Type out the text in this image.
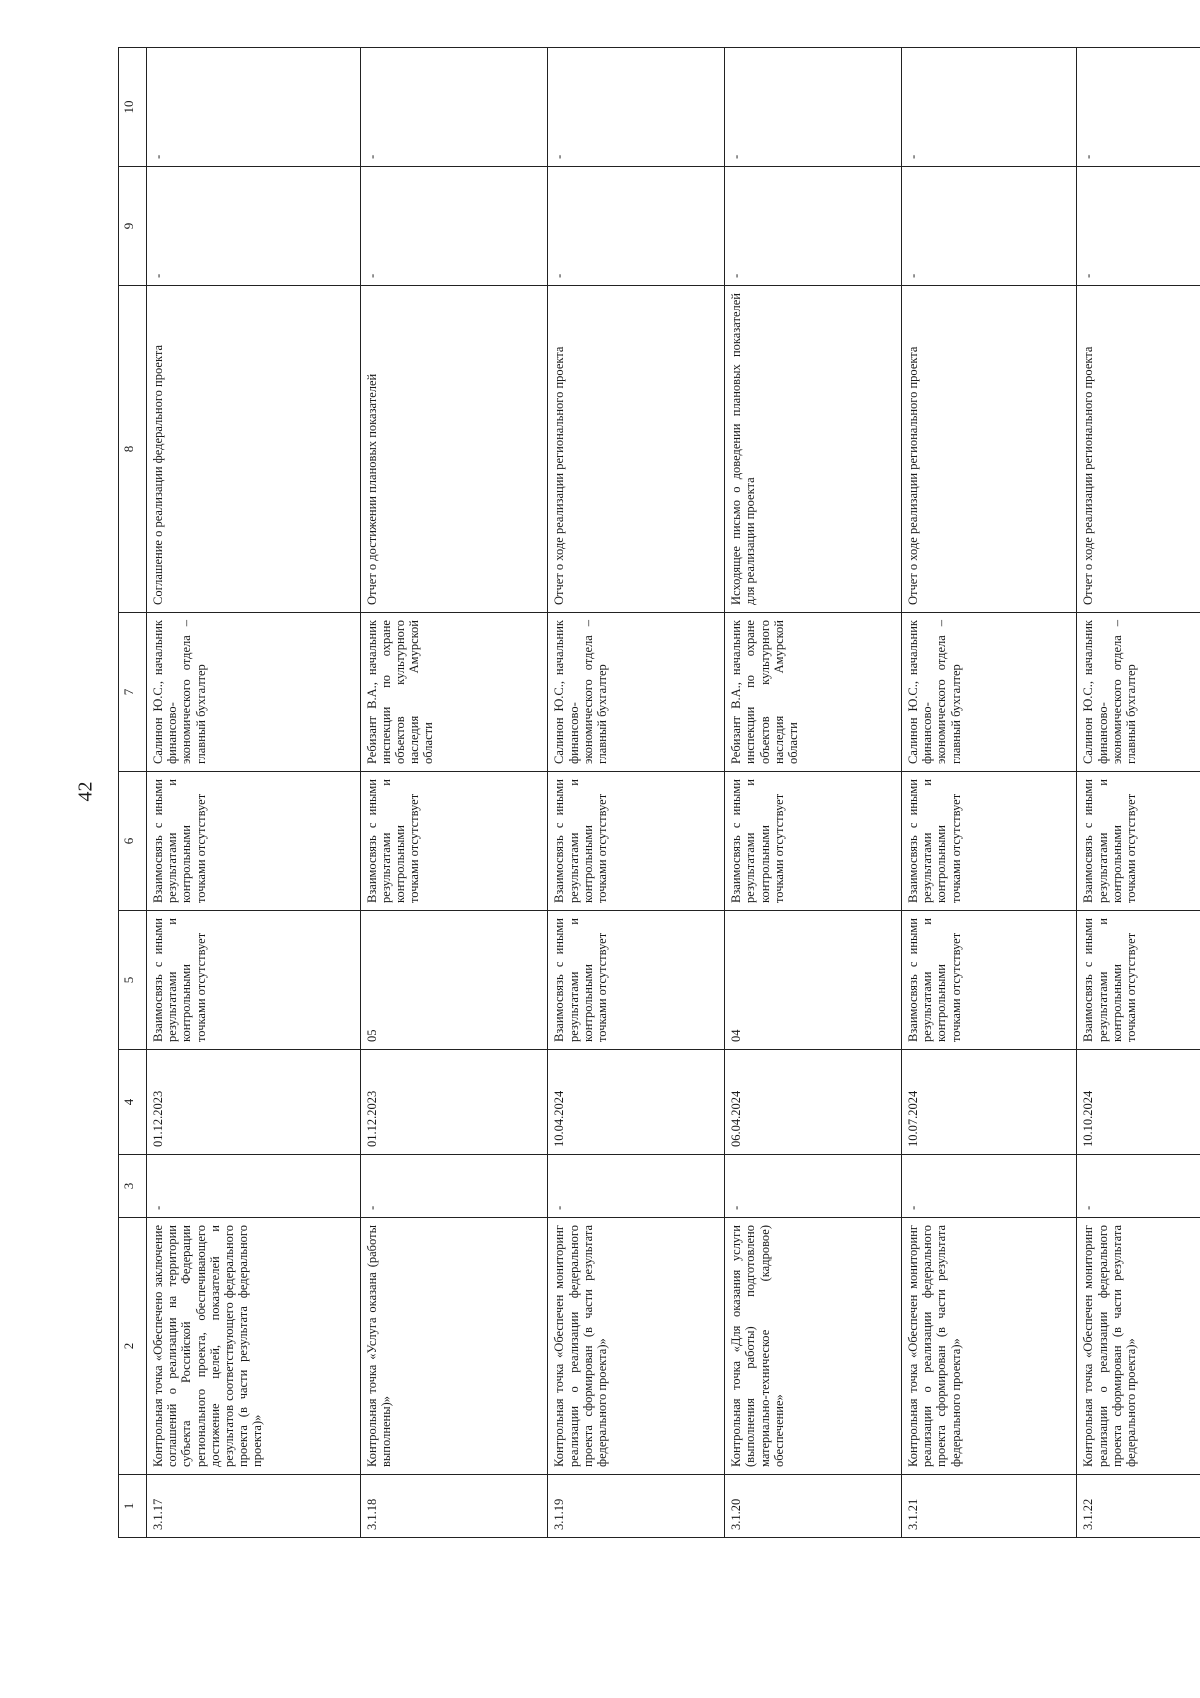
42
1	2	3	4	5	6	7	8	9	10
3.1.17	Контрольная точка «Обеспечено заключение соглашений о реализации на территории субъекта Российской Федерации регионального проекта, обеспечивающего достижение целей, показателей и результатов соответствующего федерального проекта (в части результата федерального проекта)»	-	01.12.2023	Взаимосвязь с иными результатами и контрольными точками отсутствует	Взаимосвязь с иными результатами и контрольными точками отсутствует	Салинон Ю.С., начальник финансово-экономического отдела – главный бухгалтер	Соглашение о реализации федерального проекта	-	-
3.1.18	Контрольная точка «Услуга оказана (работы выполнены)»	-	01.12.2023	05	Взаимосвязь с иными результатами и контрольными точками отсутствует	Ребизант В.А., начальник инспекции по охране объектов культурного наследия Амурской области	Отчет о достижении плановых показателей	-	-
3.1.19	Контрольная точка «Обеспечен мониторинг реализации о реализации федерального проекта сформирован (в части результата федерального проекта)»	-	10.04.2024	Взаимосвязь с иными результатами и контрольными точками отсутствует	Взаимосвязь с иными результатами и контрольными точками отсутствует	Салинон Ю.С., начальник финансово-экономического отдела – главный бухгалтер	Отчет о ходе реализации регионального проекта	-	-
3.1.20	Контрольная точка «Для оказания услуги (выполнения работы) подготовлено материально-техническое (кадровое) обеспечение»	-	06.04.2024	04	Взаимосвязь с иными результатами и контрольными точками отсутствует	Ребизант В.А., начальник инспекции по охране объектов культурного наследия Амурской области	Исходящее письмо о доведении плановых показателей для реализации проекта	-	-
3.1.21	Контрольная точка «Обеспечен мониторинг реализации о реализации федерального проекта сформирован (в части результата федерального проекта)»	-	10.07.2024	Взаимосвязь с иными результатами и контрольными точками отсутствует	Взаимосвязь с иными результатами и контрольными точками отсутствует	Салинон Ю.С., начальник финансово-экономического отдела – главный бухгалтер	Отчет о ходе реализации регионального проекта	-	-
3.1.22	Контрольная точка «Обеспечен мониторинг реализации о реализации федерального проекта сформирован (в части результата федерального проекта)»	-	10.10.2024	Взаимосвязь с иными результатами и контрольными точками отсутствует	Взаимосвязь с иными результатами и контрольными точками отсутствует	Салинон Ю.С., начальник финансово-экономического отдела – главный бухгалтер	Отчет о ходе реализации регионального проекта	-	-
